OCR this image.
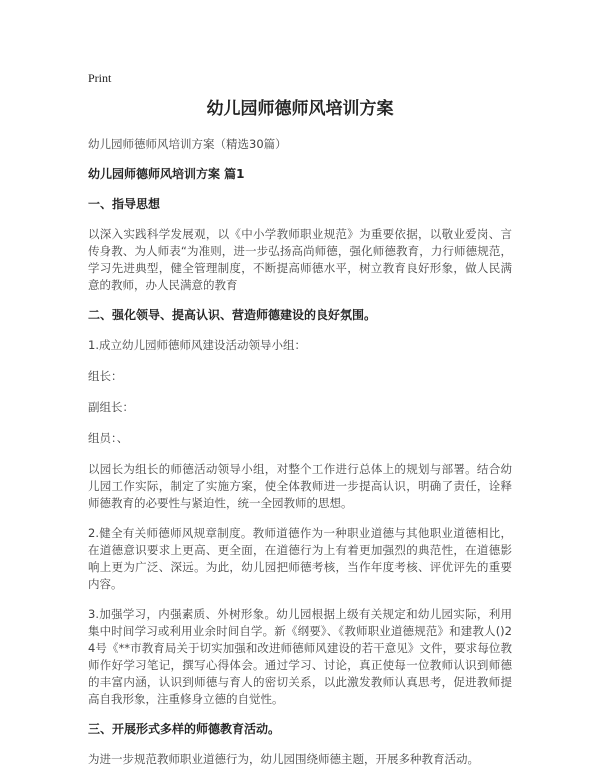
Print
幼儿园师德师风培训方案
幼儿园师德师风培训方案（精选30篇）
幼儿园师德师风培训方案 篇1
一、指导思想
以深入实践科学发展观，以《中小学教师职业规范》为重要依据，以敬业爱岗、言传身教、为人师表“为准则，进一步弘扬高尚师德，强化师德教育，力行师德规范，学习先进典型，健全管理制度，不断提高师德水平，树立教育良好形象，做人民满意的教师，办人民满意的教育
二、强化领导、提高认识、营造师德建设的良好氛围。
1.成立幼儿园师德师风建设活动领导小组：
组长：
副组长：
组员：、
以园长为组长的师德活动领导小组，对整个工作进行总体上的规划与部署。结合幼儿园工作实际，制定了实施方案，使全体教师进一步提高认识，明确了责任，诠释师德教育的必要性与紧迫性，统一全园教师的思想。
2.健全有关师德师风规章制度。教师道德作为一种职业道德与其他职业道德相比，在道德意识要求上更高、更全面，在道德行为上有着更加强烈的典范性，在道德影响上更为广泛、深远。为此，幼儿园把师德考核，当作年度考核、评优评先的重要内容。
3.加强学习，内强素质、外树形象。幼儿园根据上级有关规定和幼儿园实际，利用集中时间学习或利用业余时间自学。新《纲要》、《教师职业道德规范》和建教人()24号《**市教育局关于切实加强和改进师德师风建设的若干意见》文件，要求每位教师作好学习笔记，撰写心得体会。通过学习、讨论，真正使每一位教师认识到师德的丰富内涵，认识到师德与育人的密切关系，以此激发教师认真思考，促进教师提高自我形象，注重修身立德的自觉性。
三、开展形式多样的师德教育活动。
为进一步规范教师职业道德行为，幼儿园围绕师德主题，开展多种教育活动。
